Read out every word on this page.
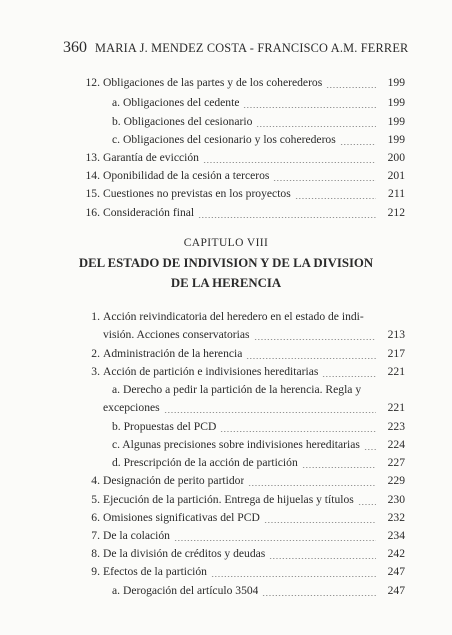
360 MARIA J. MENDEZ COSTA - FRANCISCO A.M. FERRER
12. Obligaciones de las partes y de los coherederos	199
a. Obligaciones del cedente	199
b. Obligaciones del cesionario	199
c. Obligaciones del cesionario y los coherederos	199
13. Garantía de evicción	200
14. Oponibilidad de la cesión a terceros	201
15. Cuestiones no previstas en los proyectos	211
16. Consideración final	212
CAPITULO VIII
DEL ESTADO DE INDIVISION Y DE LA DIVISION
DE LA HERENCIA
1. Acción reivindicatoria del heredero en el estado de indi-
visión. Acciones conservatorias	213
2. Administración de la herencia	217
3. Acción de partición e indivisiones hereditarias	221
a. Derecho a pedir la partición de la herencia. Regla y
excepciones	221
b. Propuestas del PCD	223
c. Algunas precisiones sobre indivisiones hereditarias	224
d. Prescripción de la acción de partición	227
4. Designación de perito partidor	229
5. Ejecución de la partición. Entrega de hijuelas y títulos	230
6. Omisiones significativas del PCD	232
7. De la colación	234
8. De la división de créditos y deudas	242
9. Efectos de la partición	247
a. Derogación del artículo 3504	247
